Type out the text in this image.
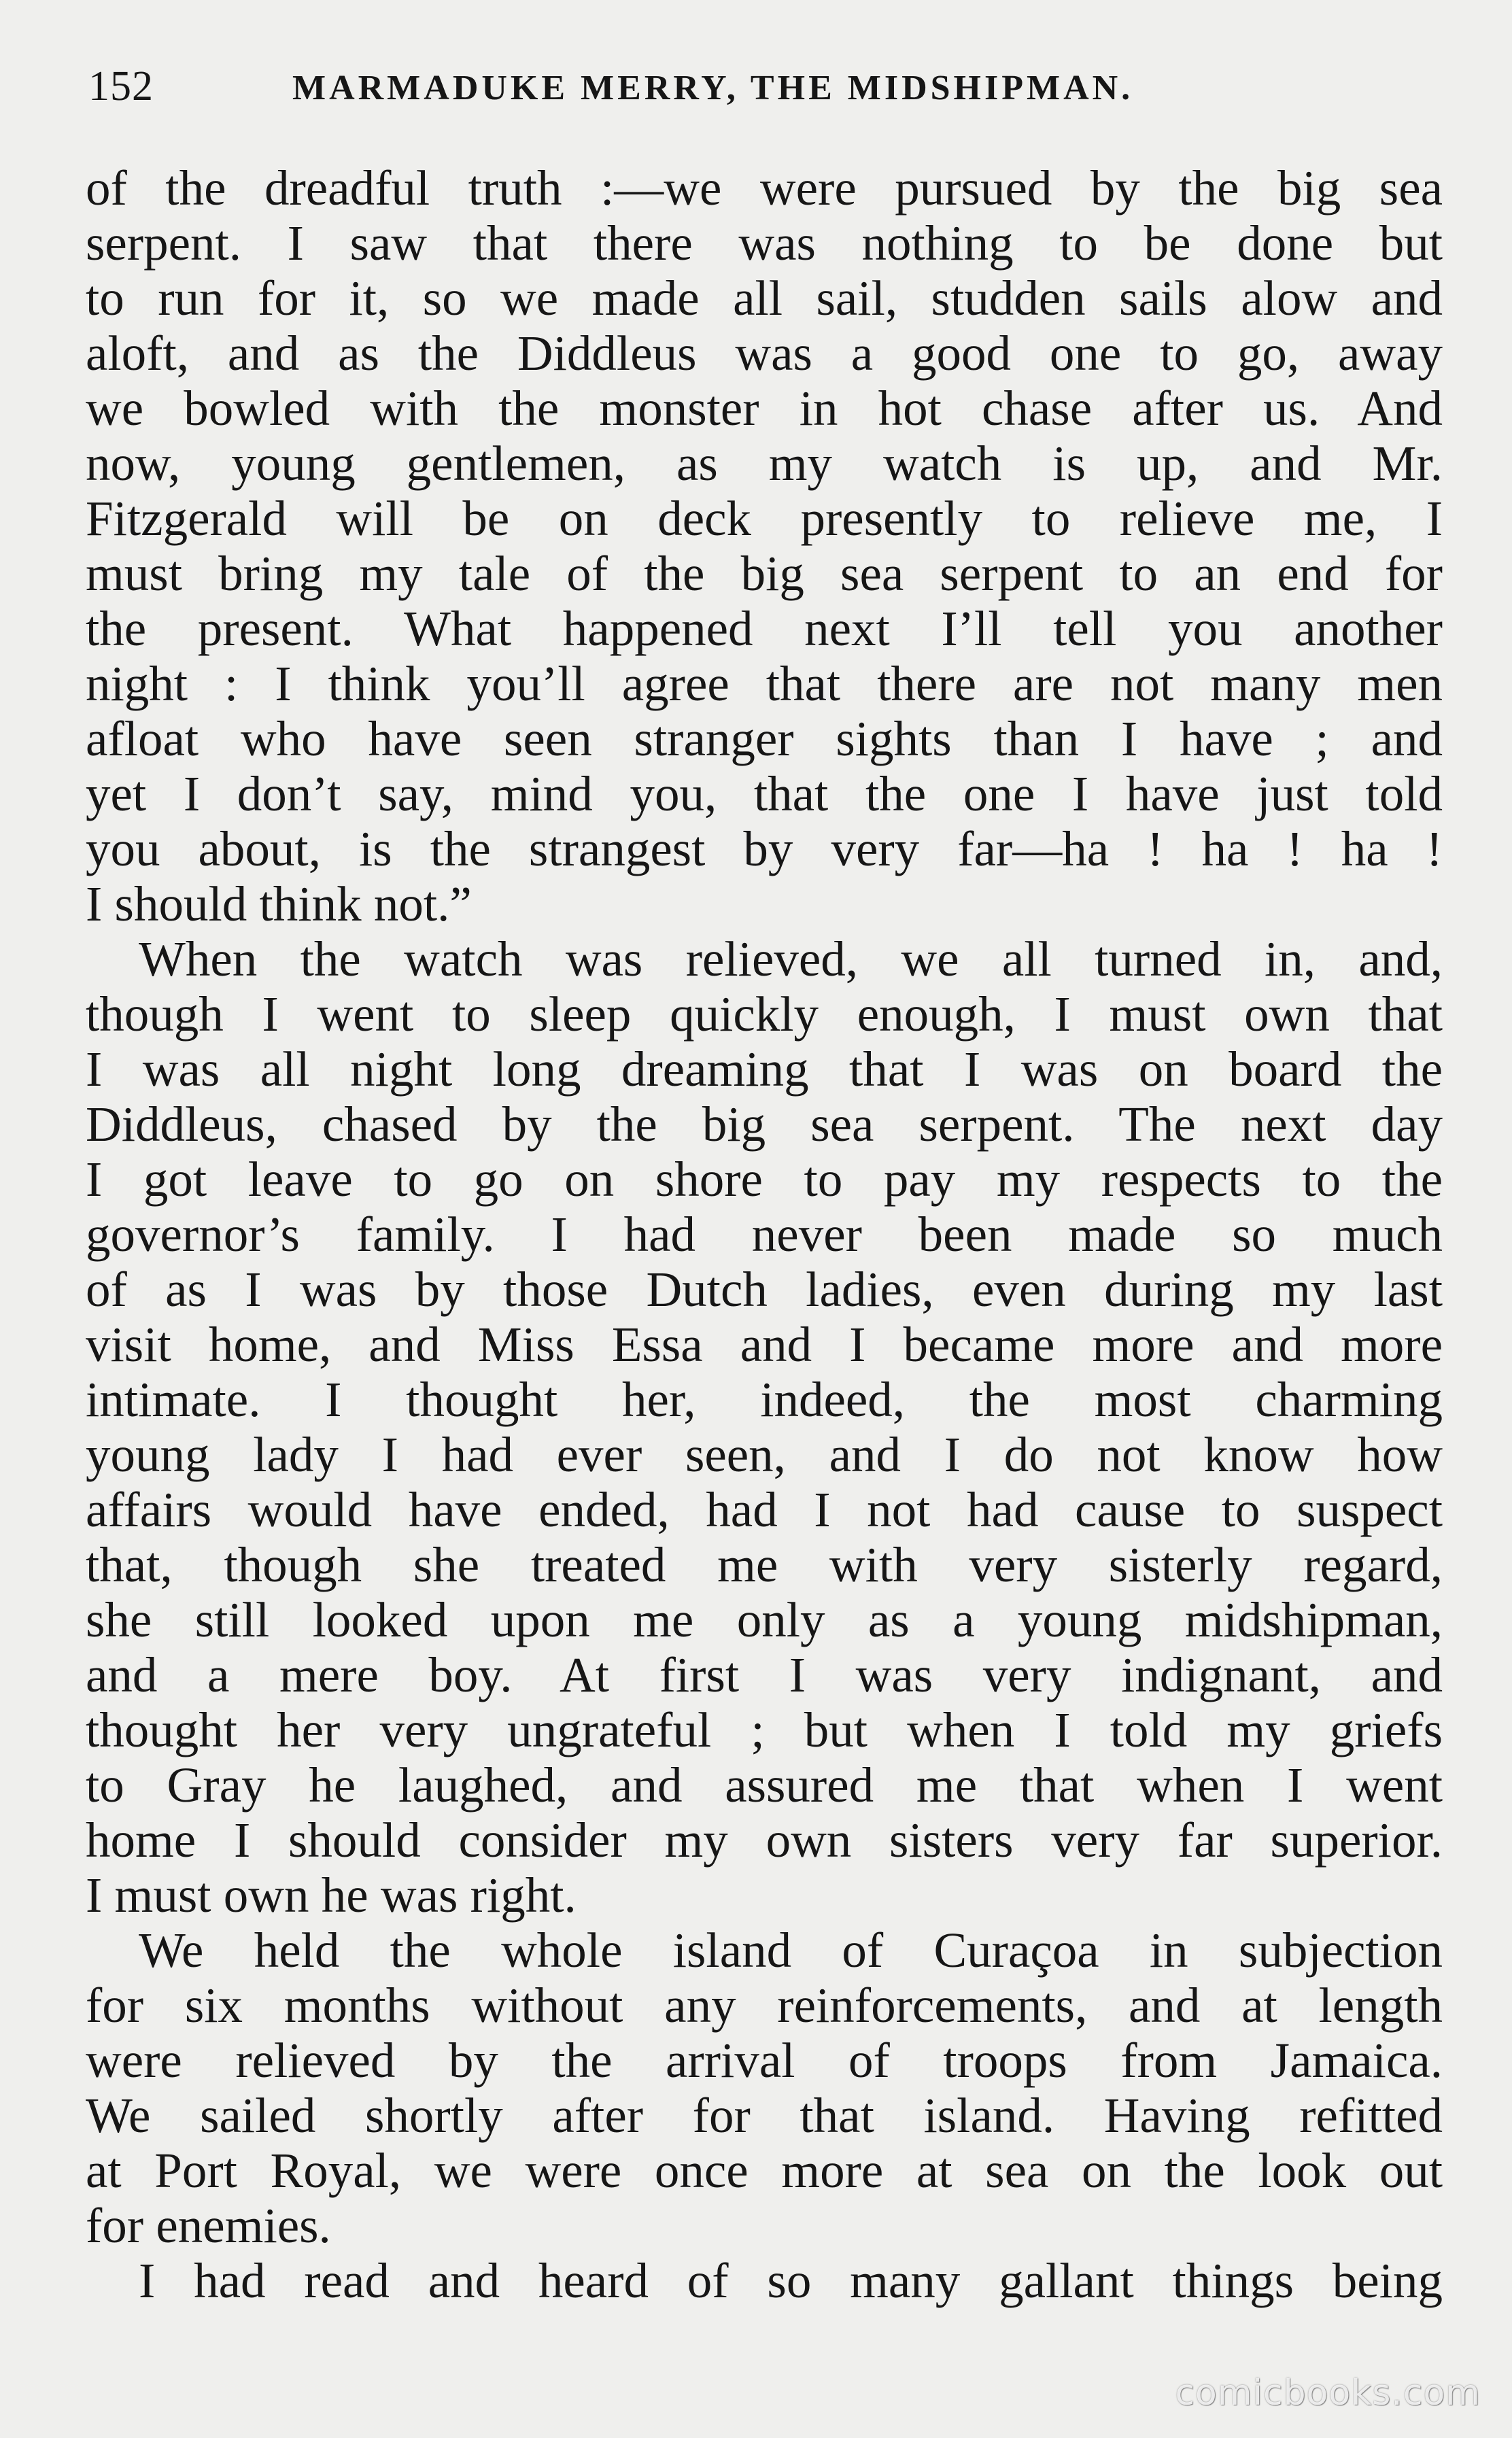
152	MARMADUKE MERRY, THE MIDSHIPMAN.
of the dreadful truth :—we were pursued by the big sea
serpent. I saw that there was nothing to be done but
to run for it, so we made all sail, studden sails alow and
aloft, and as the Diddleus was a good one to go, away
we bowled with the monster in hot chase after us. And
now, young gentlemen, as my watch is up, and Mr.
Fitzgerald will be on deck presently to relieve me, I
must bring my tale of the big sea serpent to an end for
the present. What happened next I’ll tell you another
night : I think you’ll agree that there are not many men
afloat who have seen stranger sights than I have ; and
yet I don’t say, mind you, that the one I have just told
you about, is the strangest by very far—ha ! ha ! ha !
I should think not.”
When the watch was relieved, we all turned in, and,
though I went to sleep quickly enough, I must own that
I was all night long dreaming that I was on board the
Diddleus, chased by the big sea serpent. The next day
I got leave to go on shore to pay my respects to the
governor’s family. I had never been made so much
of as I was by those Dutch ladies, even during my last
visit home, and Miss Essa and I became more and more
intimate. I thought her, indeed, the most charming
young lady I had ever seen, and I do not know how
affairs would have ended, had I not had cause to suspect
that, though she treated me with very sisterly regard,
she still looked upon me only as a young midshipman,
and a mere boy. At first I was very indignant, and
thought her very ungrateful ; but when I told my griefs
to Gray he laughed, and assured me that when I went
home I should consider my own sisters very far superior.
I must own he was right.
We held the whole island of Curaçoa in subjection
for six months without any reinforcements, and at length
were relieved by the arrival of troops from Jamaica.
We sailed shortly after for that island. Having refitted
at Port Royal, we were once more at sea on the look out
for enemies.
I had read and heard of so many gallant things being
comicbooks.com
